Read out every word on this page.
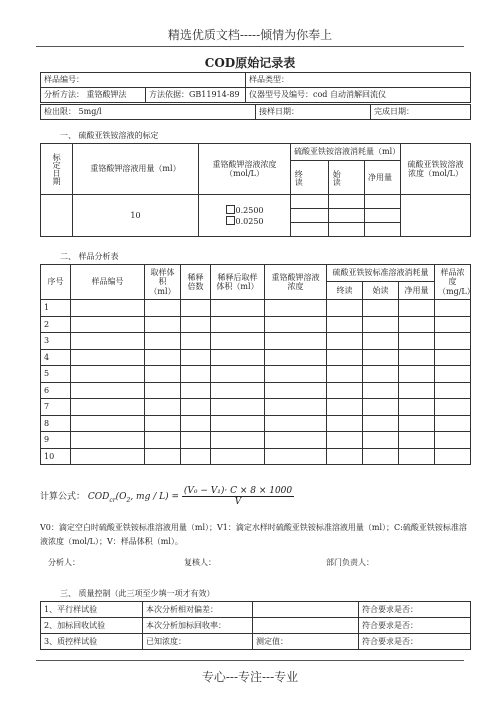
精选优质文档-----倾情为你奉上
COD原始记录表
样品编号：		样品类型：
分析方法： 重铬酸钾法	方法依据：GB11914-89	仪器型号及编号：cod 自动消解回流仪
检出限： 5mg/l	接样日期：	完成日期：
一、 硫酸亚铁铵溶液的标定
标定日期	重铬酸钾溶液用量（ml）	重铬酸钾溶液浓度（mol/L）	硫酸亚铁铵溶液消耗量（ml）			硫酸亚铁铵溶液浓度（mol/L）

			终读	始读	净用量	
	10	0.2500
0.0250				

二、 样品分析表
序号	样品编号	取样体积（ml）	稀释倍数	稀释后取样体积（ml）	重铬酸钾溶液浓度	硫酸亚铁铵标准溶液消耗量			样品浓度（mg/L）
						终读	始读	净用量	
1									
2									
3									
4									
5									
6									
7									
8									
9									
10									
计算公式： $COD_{cr}(O_2$, mg / $L) = \frac{\text{(V₀ − V₁)· C × 8 × 1000}}{V}$
V0：滴定空白时硫酸亚铁铵标准溶液用量（ml）；V1：滴定水样时硫酸亚铁铵标准溶液用量（ml）；C:硫酸亚铁铵标准溶液浓度（mol/L）；V：样品体积（ml）。
分析人：	复核人：	部门负责人：
三、 质量控制（此三项至少填一项才有效）
1、平行样试验	本次分析相对偏差：		符合要求是否：
2、加标回收试验	本次分析加标回收率：		符合要求是否：
3、质控样试验	已知浓度：	测定值：	符合要求是否：
专心---专注---专业
